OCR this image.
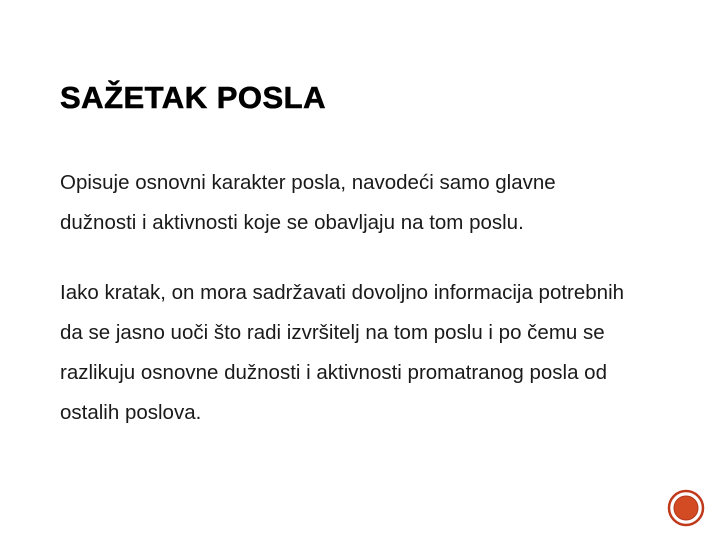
SAŽETAK POSLA

Opisuje osnovni karakter posla, navodeći samo glavne

dužnosti i aktivnosti koje se obavljaju na tom poslu.

Iako kratak, on mora sadržavati dovoljno informacija potrebnih

da se jasno uoči što radi izvršitelj na tom poslu i po čemu se

razlikuju osnovne dužnosti i aktivnosti promatranog posla od

ostalih poslova.
